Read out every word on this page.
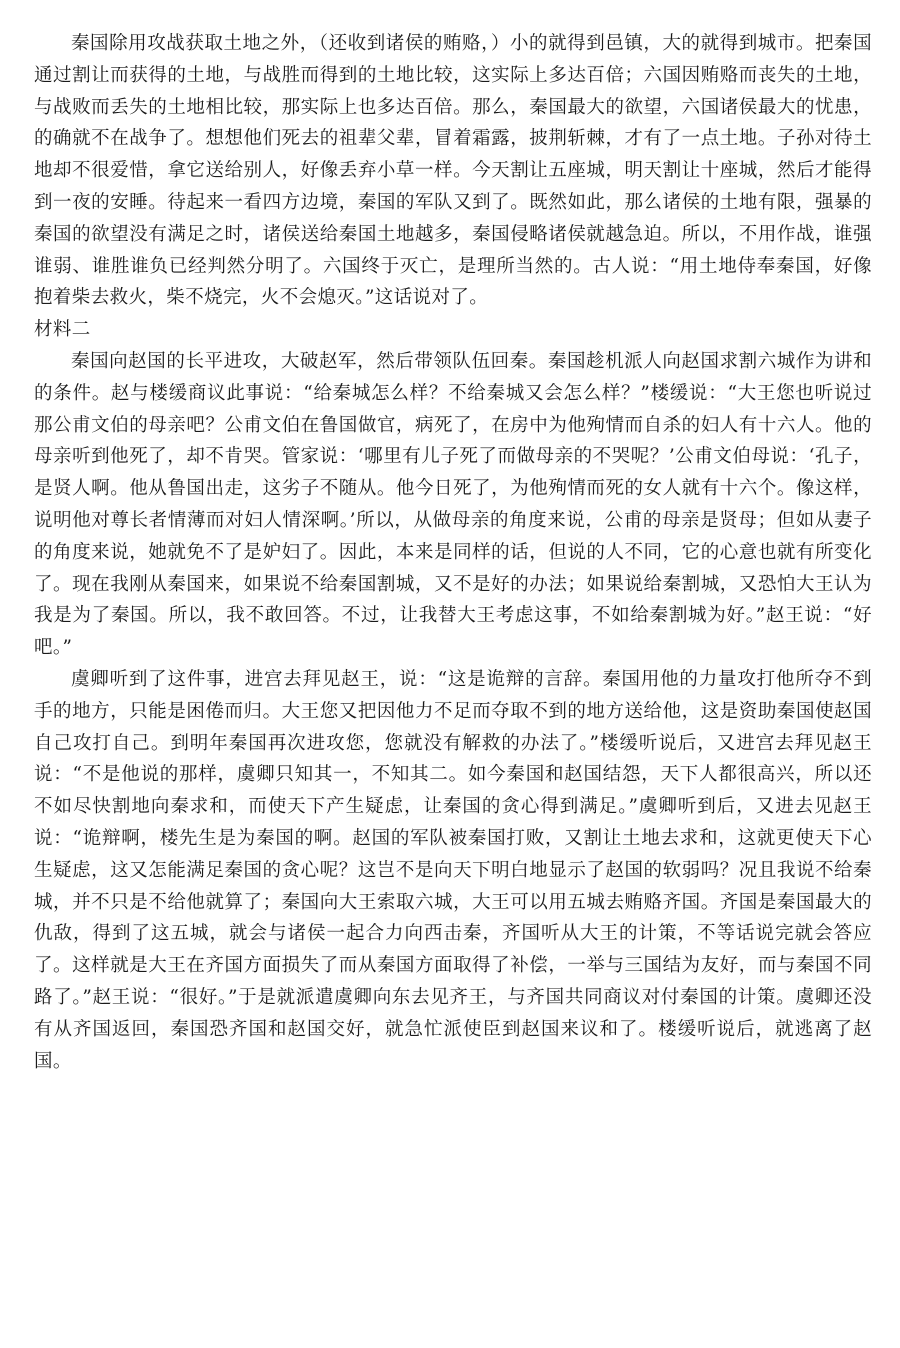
秦国除用攻战获取土地之外，（还收到诸侯的贿赂，）小的就得到邑镇，大的就得到城市。把秦国通过割让而获得的土地，与战胜而得到的土地比较，这实际上多达百倍；六国因贿赂而丧失的土地，与战败而丢失的土地相比较，那实际上也多达百倍。那么，秦国最大的欲望，六国诸侯最大的忧患，的确就不在战争了。想想他们死去的祖辈父辈，冒着霜露，披荆斩棘，才有了一点土地。子孙对待土地却不很爱惜，拿它送给别人，好像丢弃小草一样。今天割让五座城，明天割让十座城，然后才能得到一夜的安睡。待起来一看四方边境，秦国的军队又到了。既然如此，那么诸侯的土地有限，强暴的秦国的欲望没有满足之时，诸侯送给秦国土地越多，秦国侵略诸侯就越急迫。所以，不用作战，谁强谁弱、谁胜谁负已经判然分明了。六国终于灭亡，是理所当然的。古人说：“用土地侍奉秦国，好像抱着柴去救火，柴不烧完，火不会熄灭。”这话说对了。

材料二

秦国向赵国的长平进攻，大破赵军，然后带领队伍回秦。秦国趁机派人向赵国求割六城作为讲和的条件。赵与楼缓商议此事说：“给秦城怎么样？不给秦城又会怎么样？”楼缓说：“大王您也听说过那公甫文伯的母亲吧？公甫文伯在鲁国做官，病死了，在房中为他殉情而自杀的妇人有十六人。他的母亲听到他死了，却不肯哭。管家说：‘哪里有儿子死了而做母亲的不哭呢？’公甫文伯母说：‘孔子，是贤人啊。他从鲁国出走，这劣子不随从。他今日死了，为他殉情而死的女人就有十六个。像这样，说明他对尊长者情薄而对妇人情深啊。’所以，从做母亲的角度来说，公甫的母亲是贤母；但如从妻子的角度来说，她就免不了是妒妇了。因此，本来是同样的话，但说的人不同，它的心意也就有所变化了。现在我刚从秦国来，如果说不给秦国割城，又不是好的办法；如果说给秦割城，又恐怕大王认为我是为了秦国。所以，我不敢回答。不过，让我替大王考虑这事，不如给秦割城为好。”赵王说：“好吧。”

虞卿听到了这件事，进宫去拜见赵王，说：“这是诡辩的言辞。秦国用他的力量攻打他所夺不到手的地方，只能是困倦而归。大王您又把因他力不足而夺取不到的地方送给他，这是资助秦国使赵国自己攻打自己。到明年秦国再次进攻您，您就没有解救的办法了。”楼缓听说后，又进宫去拜见赵王说：“不是他说的那样，虞卿只知其一，不知其二。如今秦国和赵国结怨，天下人都很高兴，所以还不如尽快割地向秦求和，而使天下产生疑虑，让秦国的贪心得到满足。”虞卿听到后，又进去见赵王说：“诡辩啊，楼先生是为秦国的啊。赵国的军队被秦国打败，又割让土地去求和，这就更使天下心生疑虑，这又怎能满足秦国的贪心呢？这岂不是向天下明白地显示了赵国的软弱吗？况且我说不给秦城，并不只是不给他就算了；秦国向大王索取六城，大王可以用五城去贿赂齐国。齐国是秦国最大的仇敌，得到了这五城，就会与诸侯一起合力向西击秦，齐国听从大王的计策，不等话说完就会答应了。这样就是大王在齐国方面损失了而从秦国方面取得了补偿，一举与三国结为友好，而与秦国不同路了。”赵王说：“很好。”于是就派遣虞卿向东去见齐王，与齐国共同商议对付秦国的计策。虞卿还没有从齐国返回，秦国恐齐国和赵国交好，就急忙派使臣到赵国来议和了。楼缓听说后，就逃离了赵国。
